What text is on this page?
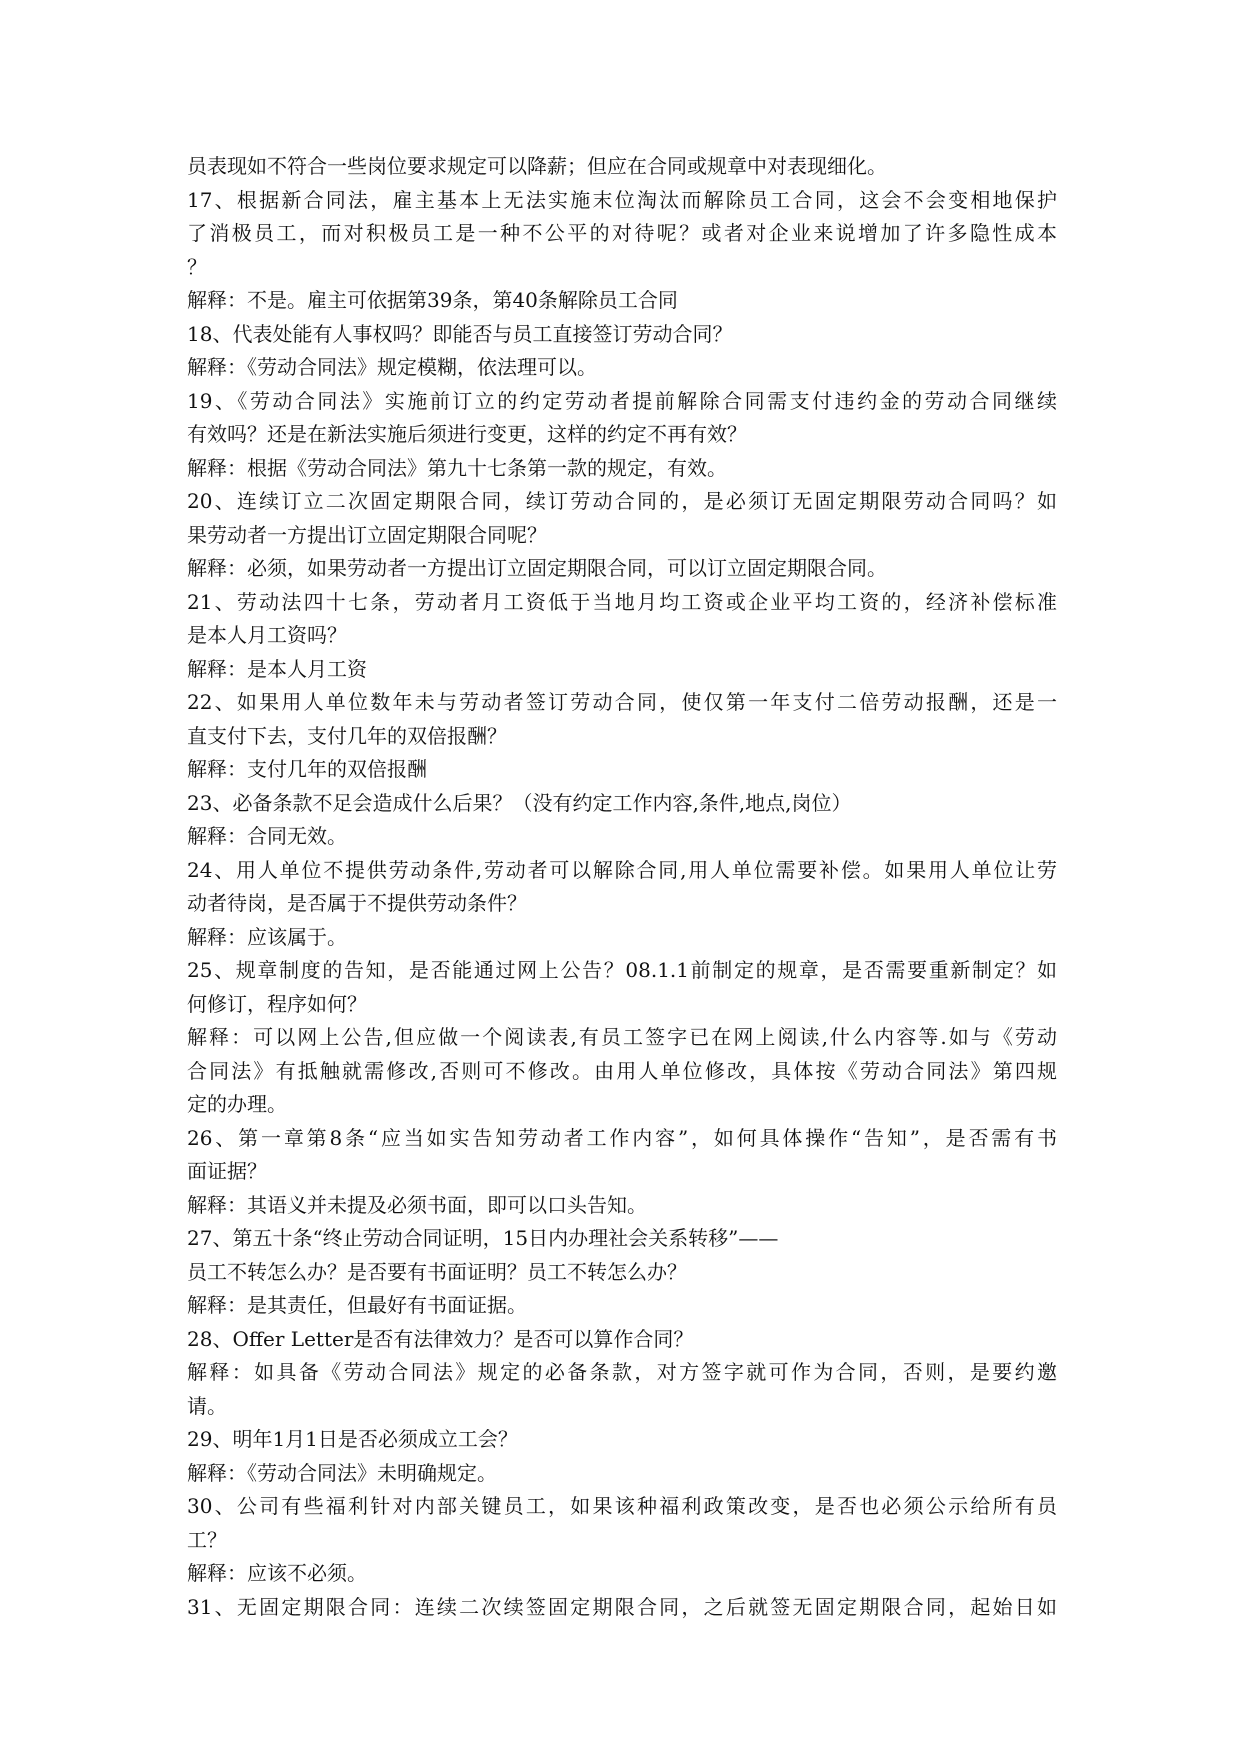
员表现如不符合一些岗位要求规定可以降薪；但应在合同或规章中对表现细化。
17、根据新合同法，雇主基本上无法实施末位淘汰而解除员工合同，这会不会变相地保护
了消极员工，而对积极员工是一种不公平的对待呢？或者对企业来说增加了许多隐性成本
？
解释：不是。雇主可依据第39条，第40条解除员工合同
18、代表处能有人事权吗？即能否与员工直接签订劳动合同？
解释：《劳动合同法》规定模糊，依法理可以。
19、《劳动合同法》实施前订立的约定劳动者提前解除合同需支付违约金的劳动合同继续
有效吗？还是在新法实施后须进行变更，这样的约定不再有效？
解释：根据《劳动合同法》第九十七条第一款的规定，有效。
20、连续订立二次固定期限合同，续订劳动合同的，是必须订无固定期限劳动合同吗？如
果劳动者一方提出订立固定期限合同呢？
解释：必须，如果劳动者一方提出订立固定期限合同，可以订立固定期限合同。
21、劳动法四十七条，劳动者月工资低于当地月均工资或企业平均工资的，经济补偿标准
是本人月工资吗？
解释：是本人月工资
22、如果用人单位数年未与劳动者签订劳动合同，使仅第一年支付二倍劳动报酬，还是一
直支付下去，支付几年的双倍报酬？
解释：支付几年的双倍报酬
23、必备条款不足会造成什么后果？（没有约定工作内容,条件,地点,岗位）
解释：合同无效。
24、用人单位不提供劳动条件,劳动者可以解除合同,用人单位需要补偿。如果用人单位让劳
动者待岗，是否属于不提供劳动条件？
解释：应该属于。
25、规章制度的告知，是否能通过网上公告？08.1.1前制定的规章，是否需要重新制定？如
何修订，程序如何？
解释：可以网上公告,但应做一个阅读表,有员工签字已在网上阅读,什么内容等.如与《劳动
合同法》有抵触就需修改,否则可不修改。由用人单位修改，具体按《劳动合同法》第四规
定的办理。
26、第一章第8条“应当如实告知劳动者工作内容”，如何具体操作“告知”，是否需有书
面证据？
解释：其语义并未提及必须书面，即可以口头告知。
27、第五十条“终止劳动合同证明，15日内办理社会关系转移”——
员工不转怎么办？是否要有书面证明？员工不转怎么办？
解释：是其责任，但最好有书面证据。
28、Offer Letter是否有法律效力？是否可以算作合同？
解释：如具备《劳动合同法》规定的必备条款，对方签字就可作为合同，否则，是要约邀
请。
29、明年1月1日是否必须成立工会？
解释：《劳动合同法》未明确规定。
30、公司有些福利针对内部关键员工，如果该种福利政策改变，是否也必须公示给所有员
工？
解释：应该不必须。
31、无固定期限合同：连续二次续签固定期限合同，之后就签无固定期限合同，起始日如
